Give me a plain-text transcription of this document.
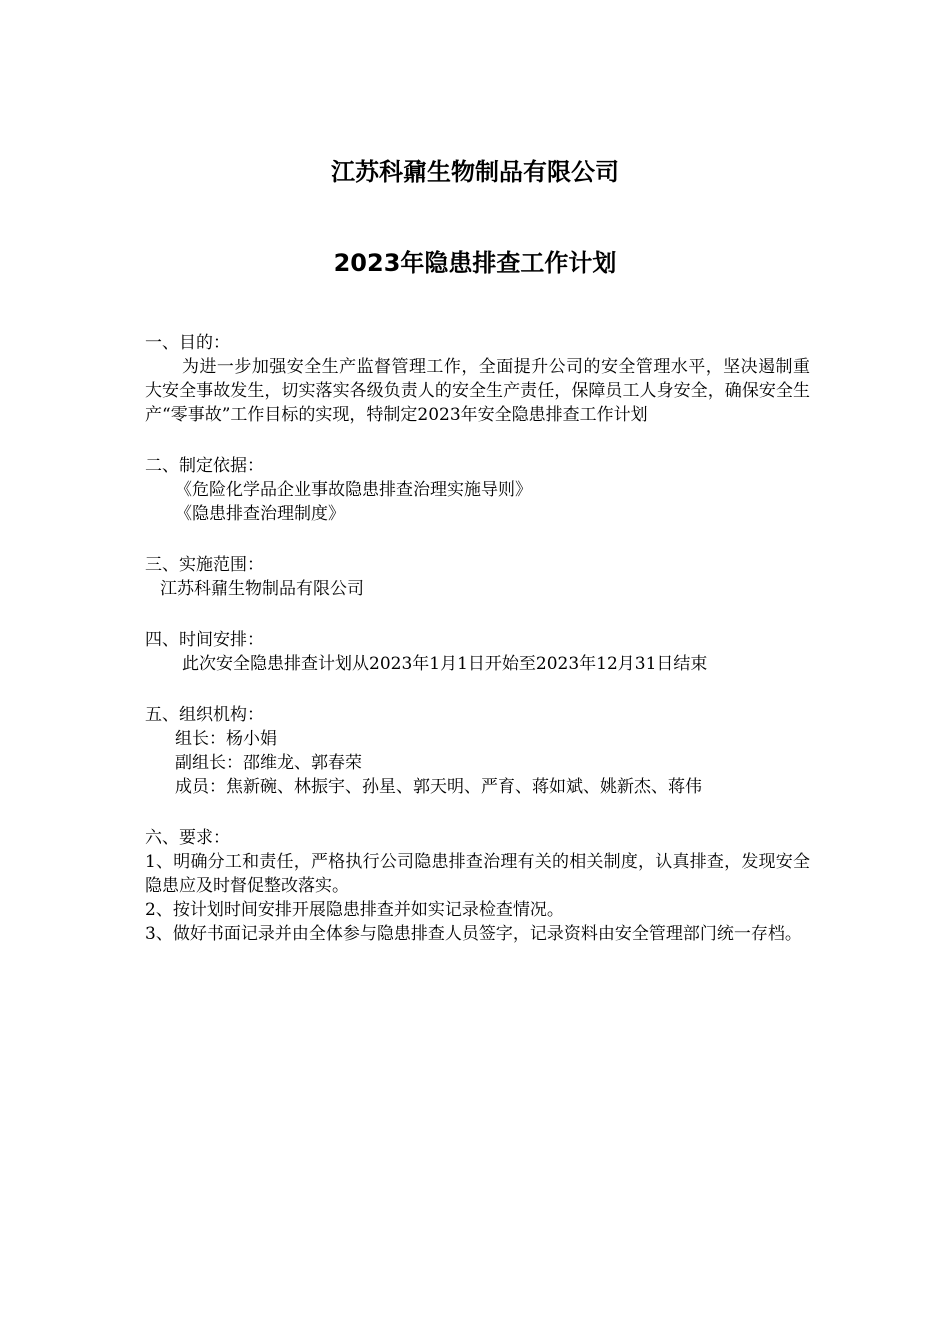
江苏科鼐生物制品有限公司
2023年隐患排查工作计划
一、目的：
为进一步加强安全生产监督管理工作，全面提升公司的安全管理水平，坚决遏制重大安全事故发生，切实落实各级负责人的安全生产责任，保障员工人身安全，确保安全生产“零事故”工作目标的实现，特制定2023年安全隐患排查工作计划
二、制定依据：
《危险化学品企业事故隐患排查治理实施导则》
《隐患排查治理制度》
三、实施范围：
江苏科鼐生物制品有限公司
四、时间安排：
此次安全隐患排查计划从2023年1月1日开始至2023年12月31日结束
五、组织机构：
组长：杨小娟
副组长：邵维龙、郭春荣
成员：焦新碗、林振宇、孙星、郭天明、严育、蒋如斌、姚新杰、蒋伟
六、要求：
1、明确分工和责任，严格执行公司隐患排查治理有关的相关制度，认真排查，发现安全隐患应及时督促整改落实。
2、按计划时间安排开展隐患排查并如实记录检查情况。
3、做好书面记录并由全体参与隐患排查人员签字，记录资料由安全管理部门统一存档。
